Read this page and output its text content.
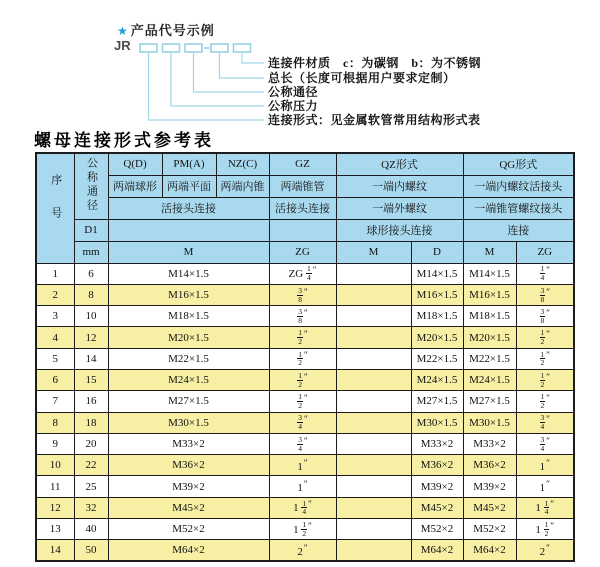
★ 产品代号示例
JR
连接件材质　c：为碳钢　b：为不锈钢
总长（长度可根据用户要求定制）
公称通径
公称压力
连接形式：见金属软管常用结构形式表
螺母连接形式参考表
序号	公称通径	Q(D)	PM(A)	NZ(C)	GZ	QZ形式		QG形式	
		两端球形	两端平面	两端内锥	两端锥管	一端内螺纹		一端内螺纹活接头	
		活接头连接			活接头连接	一端外螺纹		一端锥管螺纹接头	
	D1					球形接头连接		连接	
	mm	M			ZG	M	D	M	ZG
1	6	M14×1.5			ZG $\frac{1}{4} ''$		M14×1.5	M14×1.5	$\frac{1}{4} ''$
2	8	M16×1.5			$\frac{3}{8} ''$		M16×1.5	M16×1.5	$\frac{3}{8} ''$
3	10	M18×1.5			$\frac{3}{8} ''$		M18×1.5	M18×1.5	$\frac{3}{8} ''$
4	12	M20×1.5			$\frac{1}{2} ''$		M20×1.5	M20×1.5	$\frac{1}{2} ''$
5	14	M22×1.5			$\frac{1}{2} ''$		M22×1.5	M22×1.5	$\frac{1}{2} ''$
6	15	M24×1.5			$\frac{1}{2} ''$		M24×1.5	M24×1.5	$\frac{1}{2} ''$
7	16	M27×1.5			$\frac{1}{2} ''$		M27×1.5	M27×1.5	$\frac{1}{2} ''$
8	18	M30×1.5			$\frac{3}{4} ''$		M30×1.5	M30×1.5	$\frac{3}{4} ''$
9	20	M33×2			$\frac{3}{4} ''$		M33×2	M33×2	$\frac{3}{4} ''$
10	22	M36×2			1″		M36×2	M36×2	1″
11	25	M39×2			1″		M39×2	M39×2	1″
12	32	M45×2			$1 \frac{1}{4} ''$		M45×2	M45×2	$1 \frac{1}{4} ''$
13	40	M52×2			$1 \frac{1}{2} ''$		M52×2	M52×2	$1 \frac{1}{2} ''$
14	50	M64×2			2″		M64×2	M64×2	2″
